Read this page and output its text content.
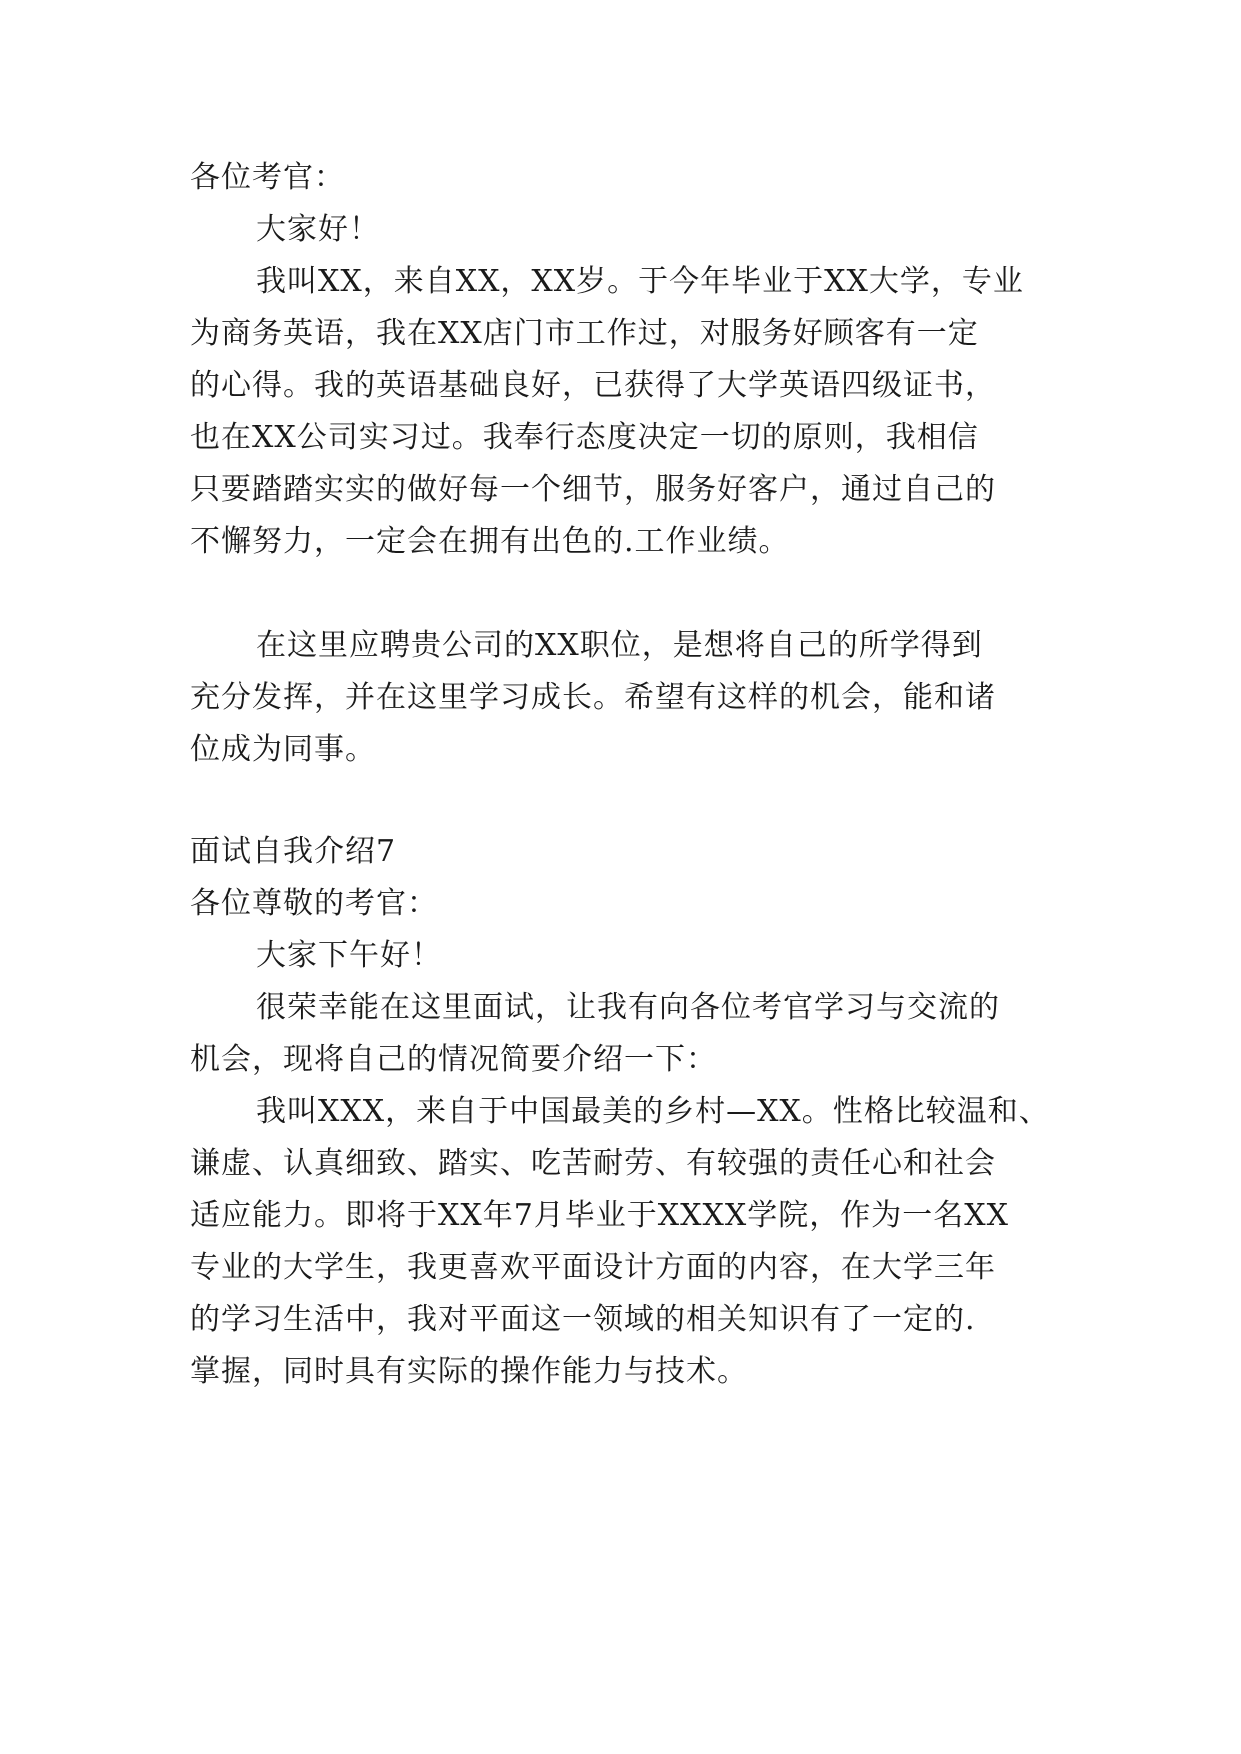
各位考官：
大家好！
我叫XX，来自XX，XX岁。于今年毕业于XX大学，专业
为商务英语，我在XX店门市工作过，对服务好顾客有一定
的心得。我的英语基础良好，已获得了大学英语四级证书，
也在XX公司实习过。我奉行态度决定一切的原则，我相信
只要踏踏实实的做好每一个细节，服务好客户，通过自己的
不懈努力，一定会在拥有出色的.工作业绩。
在这里应聘贵公司的XX职位，是想将自己的所学得到
充分发挥，并在这里学习成长。希望有这样的机会，能和诸
位成为同事。
面试自我介绍7
各位尊敬的考官：
大家下午好！
很荣幸能在这里面试，让我有向各位考官学习与交流的
机会，现将自己的情况简要介绍一下：
我叫XXX，来自于中国最美的乡村—XX。性格比较温和、
谦虚、认真细致、踏实、吃苦耐劳、有较强的责任心和社会
适应能力。即将于XX年7月毕业于XXXX学院，作为一名XX
专业的大学生，我更喜欢平面设计方面的内容，在大学三年
的学习生活中，我对平面这一领域的相关知识有了一定的.
掌握，同时具有实际的操作能力与技术。
